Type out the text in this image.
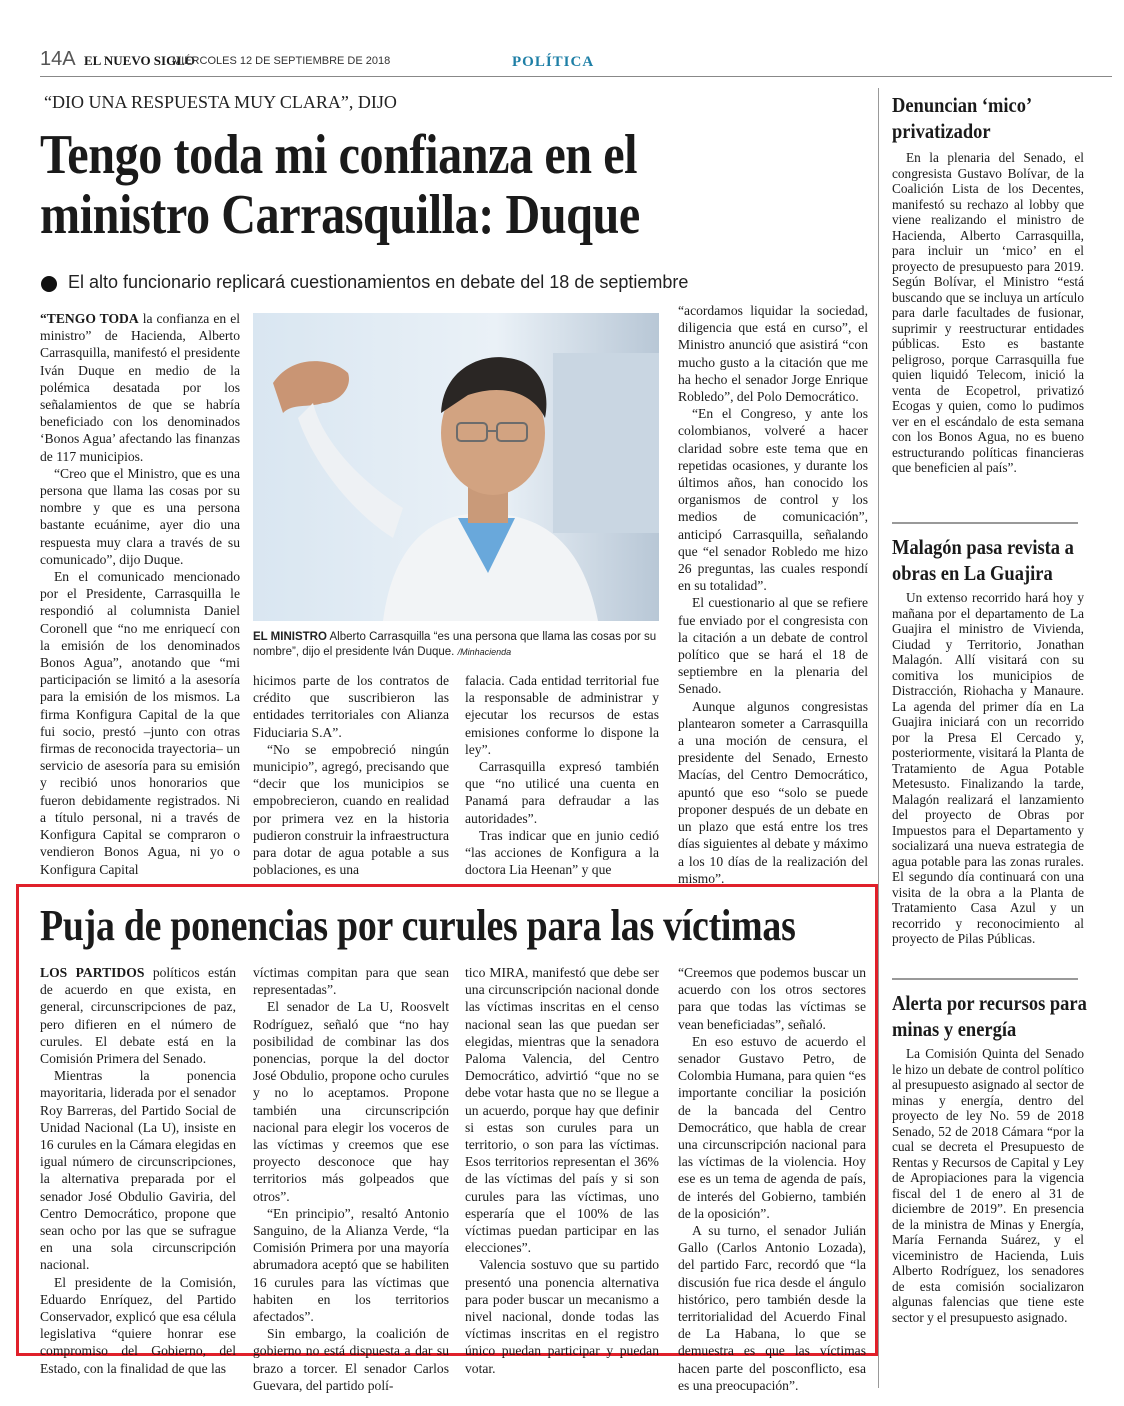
14A EL NUEVO SIGLO
MIÉRCOLES 12 DE SEPTIEMBRE DE 2018	POLÍTICA
“DIO UNA RESPUESTA MUY CLARA”, DIJO
Tengo toda mi confianza en el
ministro Carrasquilla: Duque
El alto funcionario replicará cuestionamientos en debate del 18 de septiembre

“TENGO TODA la confianza en el ministro” de Hacienda, Alberto Carrasquilla, manifestó el presidente Iván Duque en medio de la polémica desatada por los señalamientos de que se habría beneficiado con los denominados ‘Bonos Agua’ afectando las finanzas de 117 municipios.

“Creo que el Ministro, que es una persona que llama las cosas por su nombre y que es una persona bastante ecuánime, ayer dio una respuesta muy clara a través de su comunicado”, dijo Duque.

En el comunicado mencionado por el Presidente, Carrasquilla le respondió al columnista Daniel Coronell que “no me enriquecí con la emisión de los denominados Bonos Agua”, anotando que “mi participación se limitó a la asesoría para la emisión de los mismos. La firma Konfigura Capital de la que fui socio, prestó –junto con otras firmas de reconocida trayectoria– un servicio de asesoría para su emisión y recibió unos honorarios que fueron debidamente registrados. Ni a título personal, ni a través de Konfigura Capital se compraron o vendieron Bonos Agua, ni yo o Konfigura Capital

EL MINISTRO Alberto Carrasquilla “es una persona que llama las cosas por su nombre”, dijo el presidente Iván Duque. /Minhacienda

hicimos parte de los contratos de crédito que suscribieron las entidades territoriales con Alianza Fiduciaria S.A”.

“No se empobreció ningún municipio”, agregó, precisando que “decir que los municipios se empobrecieron, cuando en realidad por primera vez en la historia pudieron construir la infraestructura para dotar de agua potable a sus poblaciones, es una

falacia. Cada entidad territorial fue la responsable de administrar y ejecutar los recursos de estas emisiones conforme lo dispone la ley”.

Carrasquilla expresó también que “no utilicé una cuenta en Panamá para defraudar a las autoridades”.

Tras indicar que en junio cedió “las acciones de Konfigura a la doctora Lia Heenan” y que

“acordamos liquidar la sociedad, diligencia que está en curso”, el Ministro anunció que asistirá “con mucho gusto a la citación que me ha hecho el senador Jorge Enrique Robledo”, del Polo Democrático.

“En el Congreso, y ante los colombianos, volveré a hacer claridad sobre este tema que en repetidas ocasiones, y durante los últimos años, han conocido los organismos de control y los medios de comunicación”, anticipó Carrasquilla, señalando que “el senador Robledo me hizo 26 preguntas, las cuales respondí en su totalidad”.

El cuestionario al que se refiere fue enviado por el congresista con la citación a un debate de control político que se hará el 18 de septiembre en la plenaria del Senado.

Aunque algunos congresistas plantearon someter a Carrasquilla a una moción de censura, el presidente del Senado, Ernesto Macías, del Centro Democrático, apuntó que eso “solo se puede proponer después de un debate en un plazo que está entre los tres días siguientes al debate y máximo a los 10 días de la realización del mismo”.

Denuncian ‘mico’ privatizador

En la plenaria del Senado, el congresista Gustavo Bolívar, de la Coalición Lista de los Decentes, manifestó su rechazo al lobby que viene realizando el ministro de Hacienda, Alberto Carrasquilla, para incluir un ‘mico’ en el proyecto de presupuesto para 2019. Según Bolívar, el Ministro “está buscando que se incluya un artículo para darle facultades de fusionar, suprimir y reestructurar entidades públicas. Esto es bastante peligroso, porque Carrasquilla fue quien liquidó Telecom, inició la venta de Ecopetrol, privatizó Ecogas y quien, como lo pudimos ver en el escándalo de esta semana con los Bonos Agua, no es bueno estructurando políticas financieras que beneficien al país”.

Malagón pasa revista a obras en La Guajira

Un extenso recorrido hará hoy y mañana por el departamento de La Guajira el ministro de Vivienda, Ciudad y Territorio, Jonathan Malagón. Allí visitará con su comitiva los municipios de Distracción, Riohacha y Manaure. La agenda del primer día en La Guajira iniciará con un recorrido por la Presa El Cercado y, posteriormente, visitará la Planta de Tratamiento de Agua Potable Metesusto. Finalizando la tarde, Malagón realizará el lanzamiento del proyecto de Obras por Impuestos para el Departamento y socializará una nueva estrategia de agua potable para las zonas rurales. El segundo día continuará con una visita de la obra a la Planta de Tratamiento Casa Azul y un recorrido y reconocimiento al proyecto de Pilas Públicas.

Alerta por recursos para minas y energía

La Comisión Quinta del Senado le hizo un debate de control político al presupuesto asignado al sector de minas y energía, dentro del proyecto de ley No. 59 de 2018 Senado, 52 de 2018 Cámara “por la cual se decreta el Presupuesto de Rentas y Recursos de Capital y Ley de Apropiaciones para la vigencia fiscal del 1 de enero al 31 de diciembre de 2019”. En presencia de la ministra de Minas y Energía, María Fernanda Suárez, y el viceministro de Hacienda, Luis Alberto Rodríguez, los senadores de esta comisión socializaron algunas falencias que tiene este sector y el presupuesto asignado.

Puja de ponencias por curules para las víctimas

LOS PARTIDOS políticos están de acuerdo en que exista, en general, circunscripciones de paz, pero difieren en el número de curules. El debate está en la Comisión Primera del Senado.

Mientras la ponencia mayoritaria, liderada por el senador Roy Barreras, del Partido Social de Unidad Nacional (La U), insiste en 16 curules en la Cámara elegidas en igual número de circunscripciones, la alternativa preparada por el senador José Obdulio Gaviria, del Centro Democrático, propone que sean ocho por las que se sufrague en una sola circunscripción nacional.

El presidente de la Comisión, Eduardo Enríquez, del Partido Conservador, explicó que esa célula legislativa “quiere honrar ese compromiso del Gobierno, del Estado, con la finalidad de que las

víctimas compitan para que sean representadas”.

El senador de La U, Roosvelt Rodríguez, señaló que “no hay posibilidad de combinar las dos ponencias, porque la del doctor José Obdulio, propone ocho curules y no lo aceptamos. Propone también una circunscripción nacional para elegir los voceros de las víctimas y creemos que ese proyecto desconoce que hay territorios más golpeados que otros”.

“En principio”, resaltó Antonio Sanguino, de la Alianza Verde, “la Comisión Primera por una mayoría abrumadora aceptó que se habiliten 16 curules para las víctimas que habiten en los territorios afectados”.

Sin embargo, la coalición de gobierno no está dispuesta a dar su brazo a torcer. El senador Carlos Guevara, del partido polí-

tico MIRA, manifestó que debe ser una circunscripción nacional donde las víctimas inscritas en el censo nacional sean las que puedan ser elegidas, mientras que la senadora Paloma Valencia, del Centro Democrático, advirtió “que no se debe votar hasta que no se llegue a un acuerdo, porque hay que definir si estas son curules para un territorio, o son para las víctimas. Esos territorios representan el 36% de las víctimas del país y si son curules para las víctimas, uno esperaría que el 100% de las víctimas puedan participar en las elecciones”.

Valencia sostuvo que su partido presentó una ponencia alternativa para poder buscar un mecanismo a nivel nacional, donde todas las víctimas inscritas en el registro único puedan participar y puedan votar.

“Creemos que podemos buscar un acuerdo con los otros sectores para que todas las víctimas se vean beneficiadas”, señaló.

En eso estuvo de acuerdo el senador Gustavo Petro, de Colombia Humana, para quien “es importante conciliar la posición de la bancada del Centro Democrático, que habla de crear una circunscripción nacional para las víctimas de la violencia. Hoy ese es un tema de agenda de país, de interés del Gobierno, también de la oposición”.

A su turno, el senador Julián Gallo (Carlos Antonio Lozada), del partido Farc, recordó que “la discusión fue rica desde el ángulo histórico, pero también desde la territorialidad del Acuerdo Final de La Habana, lo que se demuestra es que las víctimas hacen parte del posconflicto, esa es una preocupación”.
